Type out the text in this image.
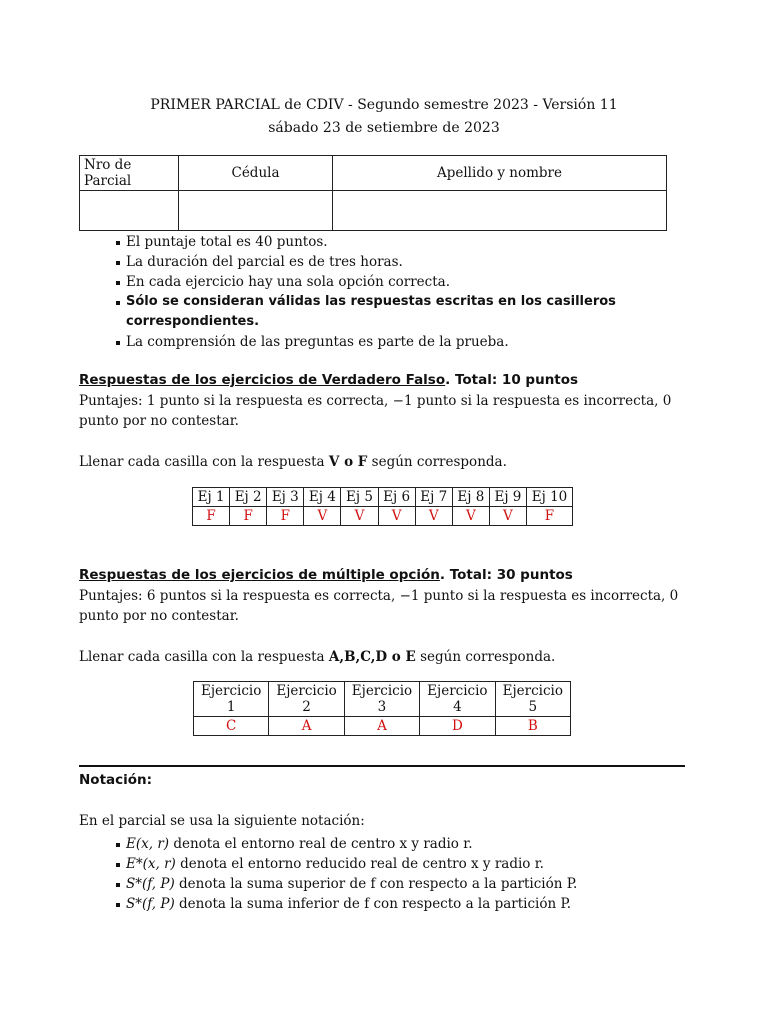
PRIMER PARCIAL de CDIV - Segundo semestre 2023 - Versión 11
sábado 23 de setiembre de 2023
Nro de Parcial	Cédula	Apellido y nombre

El puntaje total es 40 puntos.
La duración del parcial es de tres horas.
En cada ejercicio hay una sola opción correcta.
Sólo se consideran válidas las respuestas escritas en los casilleros correspondientes.
La comprensión de las preguntas es parte de la prueba.
Respuestas de los ejercicios de Verdadero Falso. Total: 10 puntos
Puntajes: 1 punto si la respuesta es correcta, −1 punto si la respuesta es incorrecta, 0 punto por no contestar.
Llenar cada casilla con la respuesta V o F según corresponda.
Ej 1	Ej 2	Ej 3	Ej 4	Ej 5	Ej 6	Ej 7	Ej 8	Ej 9	Ej 10
F	F	F	V	V	V	V	V	V	F
Respuestas de los ejercicios de múltiple opción. Total: 30 puntos
Puntajes: 6 puntos si la respuesta es correcta, −1 punto si la respuesta es incorrecta, 0 punto por no contestar.
Llenar cada casilla con la respuesta A,B,C,D o E según corresponda.
Ejercicio 1	Ejercicio 2	Ejercicio 3	Ejercicio 4	Ejercicio 5
C	A	A	D	B
Notación:
En el parcial se usa la siguiente notación:
E(x, r) denota el entorno real de centro x y radio r.
E*(x, r) denota el entorno reducido real de centro x y radio r.
S*(f, P) denota la suma superior de f con respecto a la partición P.
S*(f, P) denota la suma inferior de f con respecto a la partición P.
